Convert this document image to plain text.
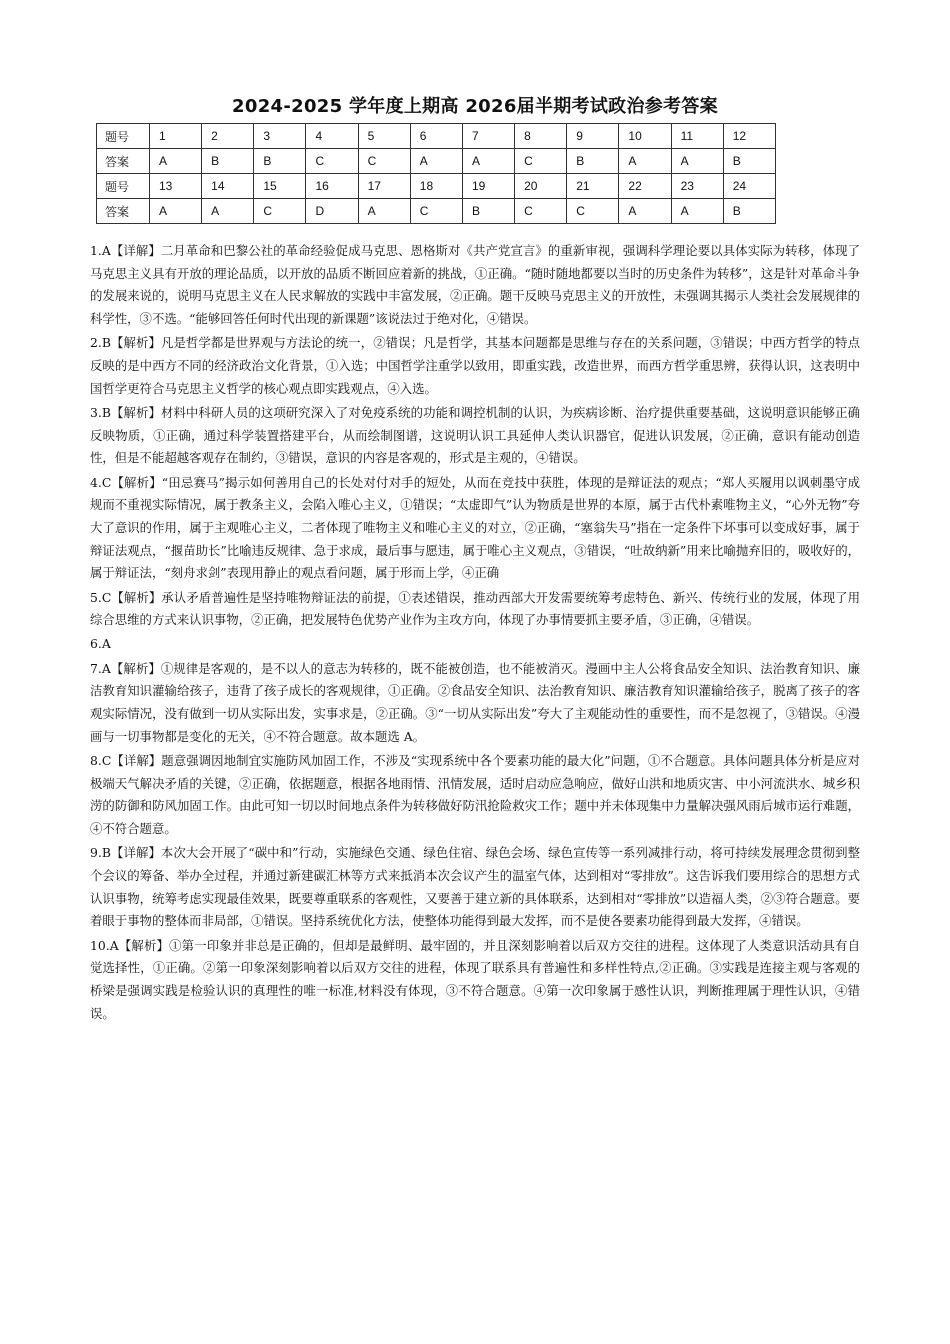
2024-2025 学年度上期高 2026届半期考试政治参考答案
题号	1	2	3	4	5	6	7	8	9	10	11	12
答案	A	B	B	C	C	A	A	C	B	A	A	B
题号	13	14	15	16	17	18	19	20	21	22	23	24
答案	A	A	C	D	A	C	B	C	C	A	A	B

1.A【详解】二月革命和巴黎公社的革命经验促成马克思、恩格斯对《共产党宣言》的重新审视，强调科学理论要以具体实际为转移，体现了马克思主义具有开放的理论品质，以开放的品质不断回应着新的挑战，①正确。“随时随地都要以当时的历史条件为转移”，这是针对革命斗争的发展来说的，说明马克思主义在人民求解放的实践中丰富发展，②正确。题干反映马克思主义的开放性，未强调其揭示人类社会发展规律的科学性，③不选。“能够回答任何时代出现的新课题”该说法过于绝对化，④错误。

2.B【解析】凡是哲学都是世界观与方法论的统一，②错误；凡是哲学，其基本问题都是思维与存在的关系问题，③错误；中西方哲学的特点反映的是中西方不同的经济政治文化背景，①入选；中国哲学注重学以致用，即重实践，改造世界，而西方哲学重思辨，获得认识，这表明中国哲学更符合马克思主义哲学的核心观点即实践观点，④入选。

3.B【解析】材料中科研人员的这项研究深入了对免疫系统的功能和调控机制的认识，为疾病诊断、治疗提供重要基础，这说明意识能够正确反映物质，①正确，通过科学装置搭建平台，从而绘制图谱，这说明认识工具延伸人类认识器官，促进认识发展，②正确，意识有能动创造性，但是不能超越客观存在制约，③错误，意识的内容是客观的，形式是主观的，④错误。

4.C【解析】“田忌赛马”揭示如何善用自己的长处对付对手的短处，从而在竞技中获胜，体现的是辩证法的观点；“郑人买履用以讽刺墨守成规而不重视实际情况，属于教条主义，会陷入唯心主义，①错误；“太虚即气”认为物质是世界的本原，属于古代朴素唯物主义，“心外无物”夸大了意识的作用，属于主观唯心主义，二者体现了唯物主义和唯心主义的对立，②正确，“塞翁失马”指在一定条件下坏事可以变成好事，属于辩证法观点，“揠苗助长”比喻违反规律、急于求成，最后事与愿违，属于唯心主义观点，③错误，“吐故纳新”用来比喻抛弃旧的，吸收好的，属于辩证法，“刻舟求剑”表现用静止的观点看问题，属于形而上学，④正确

5.C【解析】承认矛盾普遍性是坚持唯物辩证法的前提，①表述错误，推动西部大开发需要统筹考虑特色、新兴、传统行业的发展，体现了用综合思维的方式来认识事物，②正确，把发展特色优势产业作为主攻方向，体现了办事情要抓主要矛盾，③正确，④错误。

6.A

7.A【解析】①规律是客观的，是不以人的意志为转移的，既不能被创造，也不能被消灭。漫画中主人公将食品安全知识、法治教育知识、廉洁教育知识灌输给孩子，违背了孩子成长的客观规律，①正确。②食品安全知识、法治教育知识、廉洁教育知识灌输给孩子，脱离了孩子的客观实际情况，没有做到一切从实际出发，实事求是，②正确。③“一切从实际出发”夸大了主观能动性的重要性，而不是忽视了，③错误。④漫画与一切事物都是变化的无关，④不符合题意。故本题选 A。

8.C【详解】题意强调因地制宜实施防风加固工作，不涉及“实现系统中各个要素功能的最大化”问题，①不合题意。具体问题具体分析是应对极端天气解决矛盾的关键，②正确，依据题意，根据各地雨情、汛情发展，适时启动应急响应，做好山洪和地质灾害、中小河流洪水、城乡积涝的防御和防风加固工作。由此可知一切以时间地点条件为转移做好防汛抢险救灾工作；题中并未体现集中力量解决强风雨后城市运行难题，④不符合题意。

9.B【详解】本次大会开展了“碳中和”行动，实施绿色交通、绿色住宿、绿色会场、绿色宣传等一系列减排行动，将可持续发展理念贯彻到整个会议的筹备、举办全过程，并通过新建碳汇林等方式来抵消本次会议产生的温室气体，达到相对“零排放”。这告诉我们要用综合的思想方式认识事物，统筹考虑实现最佳效果，既要尊重联系的客观性，又要善于建立新的具体联系，达到相对“零排放”以造福人类，②③符合题意。要着眼于事物的整体而非局部，①错误。坚持系统优化方法，使整体功能得到最大发挥，而不是使各要素功能得到最大发挥，④错误。

10.A【解析】①第一印象并非总是正确的，但却是最鲜明、最牢固的，并且深刻影响着以后双方交往的进程。这体现了人类意识活动具有自觉选择性，①正确。②第一印象深刻影响着以后双方交往的进程，体现了联系具有普遍性和多样性特点,②正确。③实践是连接主观与客观的桥梁是强调实践是检验认识的真理性的唯一标准,材料没有体现，③不符合题意。④第一次印象属于感性认识，判断推理属于理性认识，④错误。
